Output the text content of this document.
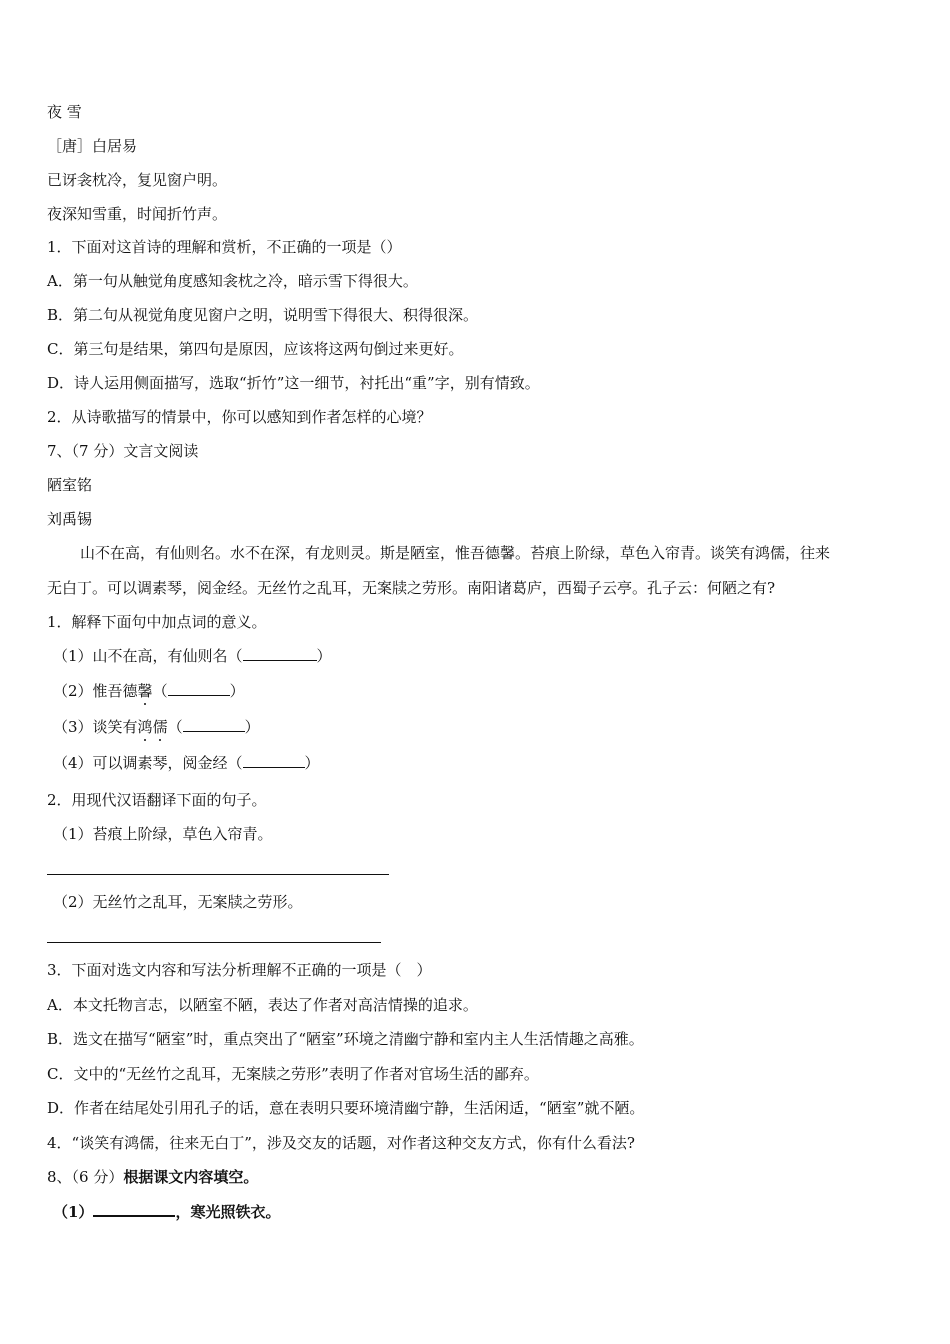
夜 雪
［唐］白居易
已讶衾枕冷，复见窗户明。
夜深知雪重，时闻折竹声。
1．下面对这首诗的理解和赏析，不正确的一项是（）
A．第一句从触觉角度感知衾枕之冷，暗示雪下得很大。
B．第二句从视觉角度见窗户之明，说明雪下得很大、积得很深。
C．第三句是结果，第四句是原因，应该将这两句倒过来更好。
D．诗人运用侧面描写，选取“折竹”这一细节，衬托出“重”字，别有情致。
2．从诗歌描写的情景中，你可以感知到作者怎样的心境？
7、（7 分）文言文阅读
陋室铭
刘禹锡
山不在高，有仙则名。水不在深，有龙则灵。斯是陋室，惟吾德馨。苔痕上阶绿，草色入帘青。谈笑有鸿儒，往来
无白丁。可以调素琴，阅金经。无丝竹之乱耳，无案牍之劳形。南阳诸葛庐，西蜀子云亭。孔子云：何陋之有?
1．解释下面句中加点词的意义。
（1）山不在高，有仙则名（	）
（2）惟吾德馨（	）
（3）谈笑有鸿儒（	）
（4）可以调素琴，阅金经（	）
2．用现代汉语翻译下面的句子。
（1）苔痕上阶绿，草色入帘青。
（2）无丝竹之乱耳，无案牍之劳形。
3．下面对选文内容和写法分析理解不正确的一项是（　）
A．本文托物言志，以陋室不陋，表达了作者对高洁情操的追求。
B．选文在描写“陋室”时，重点突出了“陋室”环境之清幽宁静和室内主人生活情趣之高雅。
C．文中的“无丝竹之乱耳，无案牍之劳形”表明了作者对官场生活的鄙弃。
D．作者在结尾处引用孔子的话，意在表明只要环境清幽宁静，生活闲适，“陋室”就不陋。
4．“谈笑有鸿儒，往来无白丁”，涉及交友的话题，对作者这种交友方式，你有什么看法?
8、（6 分）根据课文内容填空。
（1）	，寒光照铁衣。
